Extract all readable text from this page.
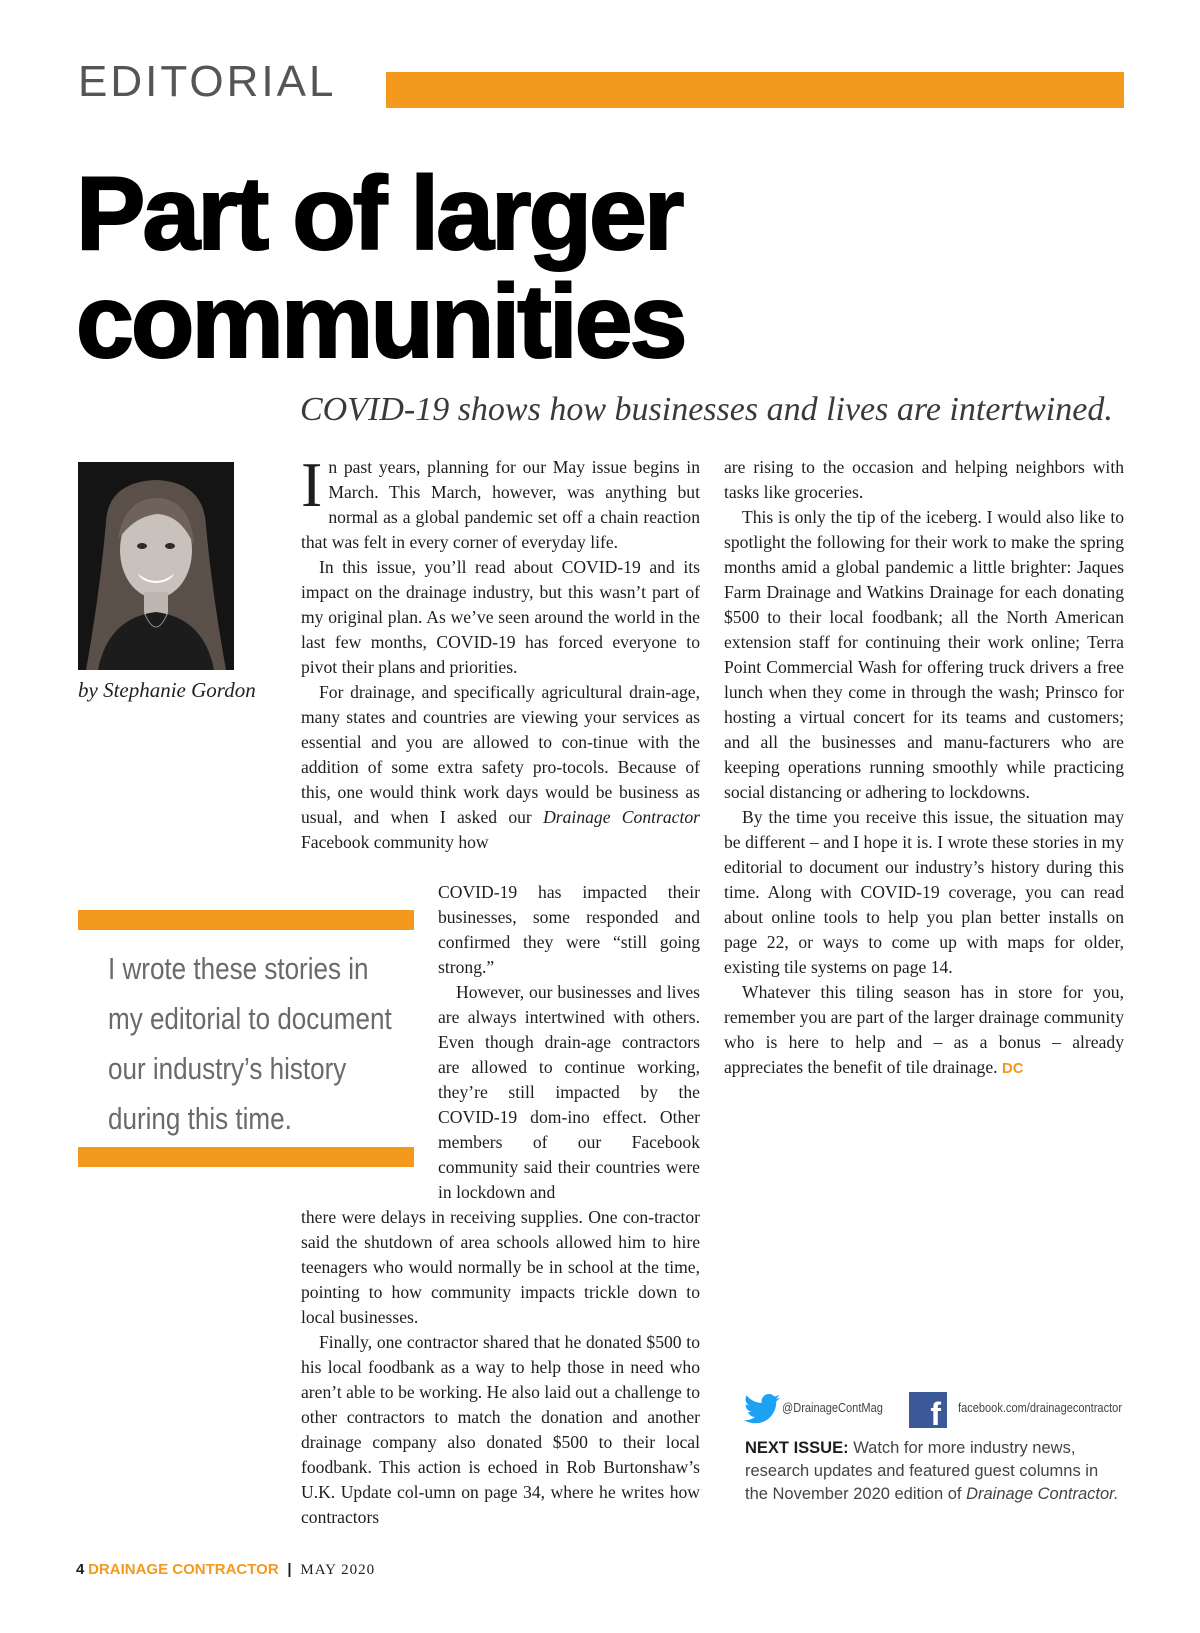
EDITORIAL
Part of larger
communities
COVID-19 shows how businesses and lives are intertwined.
by Stephanie Gordon
I wrote these stories in my editorial to document our industry’s history during this time.

In past years, planning for our May issue begins in March. This March, however, was anything but normal as a global pandemic set off a chain reaction that was felt in every corner of everyday life.

In this issue, you’ll read about COVID-19 and its impact on the drainage industry, but this wasn’t part of my original plan. As we’ve seen around the world in the last few months, COVID-19 has forced everyone to pivot their plans and priorities.

For drainage, and specifically agricultural drain-age, many states and countries are viewing your services as essential and you are allowed to con-tinue with the addition of some extra safety pro-tocols. Because of this, one would think work days would be business as usual, and when I asked our Drainage Contractor Facebook community how

COVID-19 has impacted their businesses, some responded and confirmed they were “still going strong.”

However, our businesses and lives are always intertwined with others. Even though drain-age contractors are allowed to continue working, they’re still impacted by the COVID-19 dom-ino effect. Other members of our Facebook community said their countries were in lockdown and

there were delays in receiving supplies. One con-tractor said the shutdown of area schools allowed him to hire teenagers who would normally be in school at the time, pointing to how community impacts trickle down to local businesses.

Finally, one contractor shared that he donated $500 to his local foodbank as a way to help those in need who aren’t able to be working. He also laid out a challenge to other contractors to match the donation and another drainage company also donated $500 to their local foodbank. This action is echoed in Rob Burtonshaw’s U.K. Update col-umn on page 34, where he writes how contractors

are rising to the occasion and helping neighbors with tasks like groceries.

This is only the tip of the iceberg. I would also like to spotlight the following for their work to make the spring months amid a global pandemic a little brighter: Jaques Farm Drainage and Watkins Drainage for each donating $500 to their local foodbank; all the North American extension staff for continuing their work online; Terra Point Commercial Wash for offering truck drivers a free lunch when they come in through the wash; Prinsco for hosting a virtual concert for its teams and customers; and all the businesses and manu-facturers who are keeping operations running smoothly while practicing social distancing or adhering to lockdowns.

By the time you receive this issue, the situation may be different – and I hope it is. I wrote these stories in my editorial to document our industry’s history during this time. Along with COVID-19 coverage, you can read about online tools to help you plan better installs on page 22, or ways to come up with maps for older, existing tile systems on page 14.

Whatever this tiling season has in store for you, remember you are part of the larger drainage community who is here to help and – as a bonus – already appreciates the benefit of tile drainage. DC

@DrainageContMag	f	facebook.com/drainagecontractor
NEXT ISSUE: Watch for more industry news, research updates and featured guest columns in the November 2020 edition of Drainage Contractor.
4 DRAINAGE CONTRACTOR | MAY 2020
